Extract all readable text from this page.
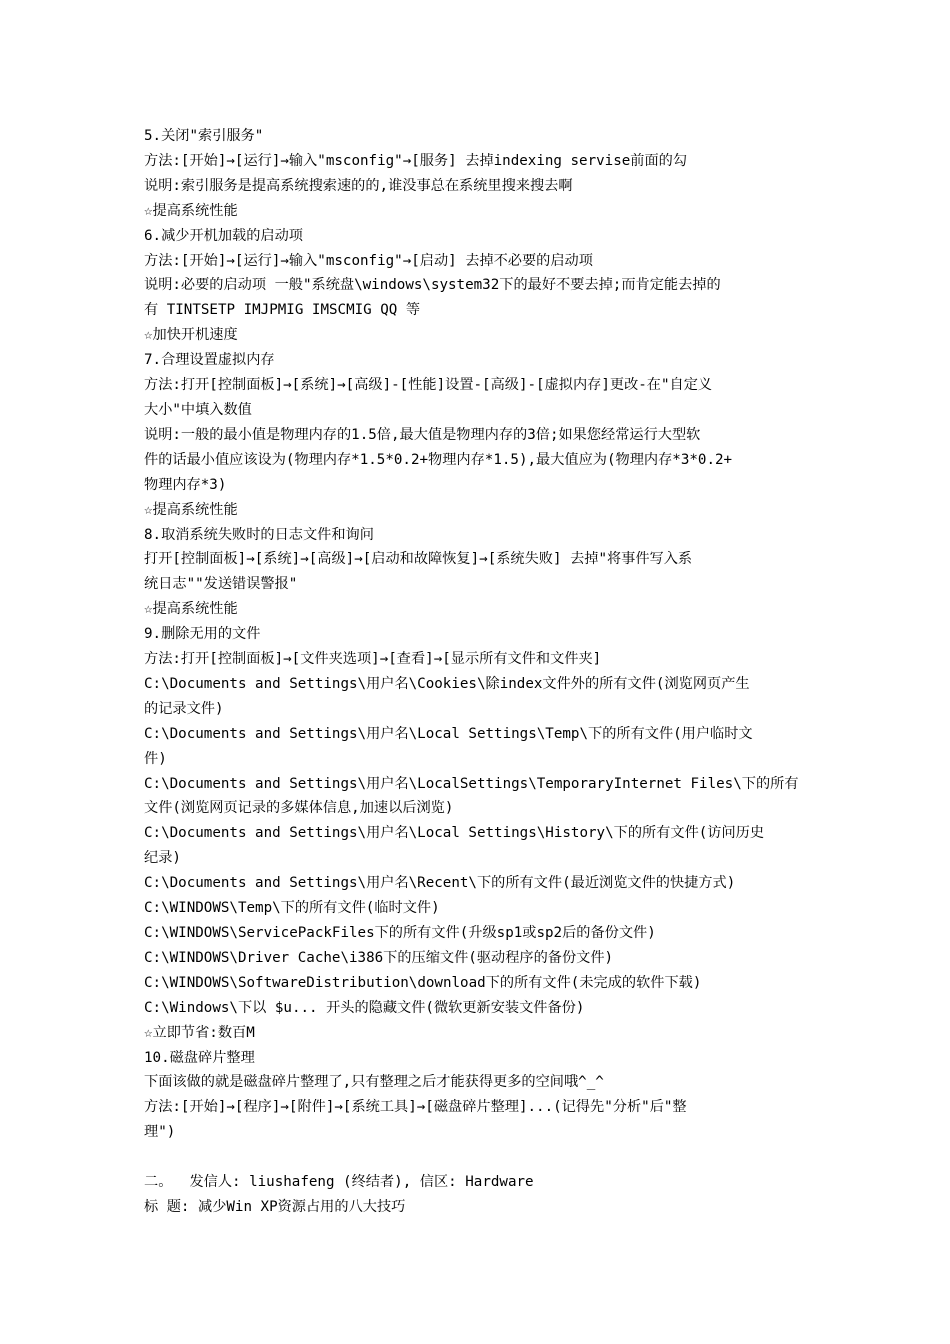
5.关闭"索引服务"
方法:[开始]→[运行]→输入"msconfig"→[服务] 去掉indexing servise前面的勾
说明:索引服务是提高系统搜索速的的,谁没事总在系统里搜来搜去啊
☆提高系统性能
6.减少开机加载的启动项
方法:[开始]→[运行]→输入"msconfig"→[启动] 去掉不必要的启动项
说明:必要的启动项 一般"系统盘\windows\system32下的最好不要去掉;而肯定能去掉的
有 TINTSETP IMJPMIG IMSCMIG QQ 等
☆加快开机速度
7.合理设置虚拟内存
方法:打开[控制面板]→[系统]→[高级]-[性能]设置-[高级]-[虚拟内存]更改-在"自定义
大小"中填入数值
说明:一般的最小值是物理内存的1.5倍,最大值是物理内存的3倍;如果您经常运行大型软
件的话最小值应该设为(物理内存*1.5*0.2+物理内存*1.5),最大值应为(物理内存*3*0.2+
物理内存*3)
☆提高系统性能
8.取消系统失败时的日志文件和询问
打开[控制面板]→[系统]→[高级]→[启动和故障恢复]→[系统失败] 去掉"将事件写入系
统日志""发送错误警报"
☆提高系统性能
9.删除无用的文件
方法:打开[控制面板]→[文件夹选项]→[查看]→[显示所有文件和文件夹]
C:\Documents and Settings\用户名\Cookies\除index文件外的所有文件(浏览网页产生
的记录文件)
C:\Documents and Settings\用户名\Local Settings\Temp\下的所有文件(用户临时文
件)
C:\Documents and Settings\用户名\LocalSettings\TemporaryInternet Files\下的所有
文件(浏览网页记录的多媒体信息,加速以后浏览)
C:\Documents and Settings\用户名\Local Settings\History\下的所有文件(访问历史
纪录)
C:\Documents and Settings\用户名\Recent\下的所有文件(最近浏览文件的快捷方式)
C:\WINDOWS\Temp\下的所有文件(临时文件)
C:\WINDOWS\ServicePackFiles下的所有文件(升级sp1或sp2后的备份文件)
C:\WINDOWS\Driver Cache\i386下的压缩文件(驱动程序的备份文件)
C:\WINDOWS\SoftwareDistribution\download下的所有文件(未完成的软件下载)
C:\Windows\下以 $u... 开头的隐藏文件(微软更新安装文件备份)
☆立即节省:数百M
10.磁盘碎片整理
下面该做的就是磁盘碎片整理了,只有整理之后才能获得更多的空间哦^_^
方法:[开始]→[程序]→[附件]→[系统工具]→[磁盘碎片整理]...(记得先"分析"后"整
理")
二。  发信人: liushafeng (终结者), 信区: Hardware
标 题: 减少Win XP资源占用的八大技巧
